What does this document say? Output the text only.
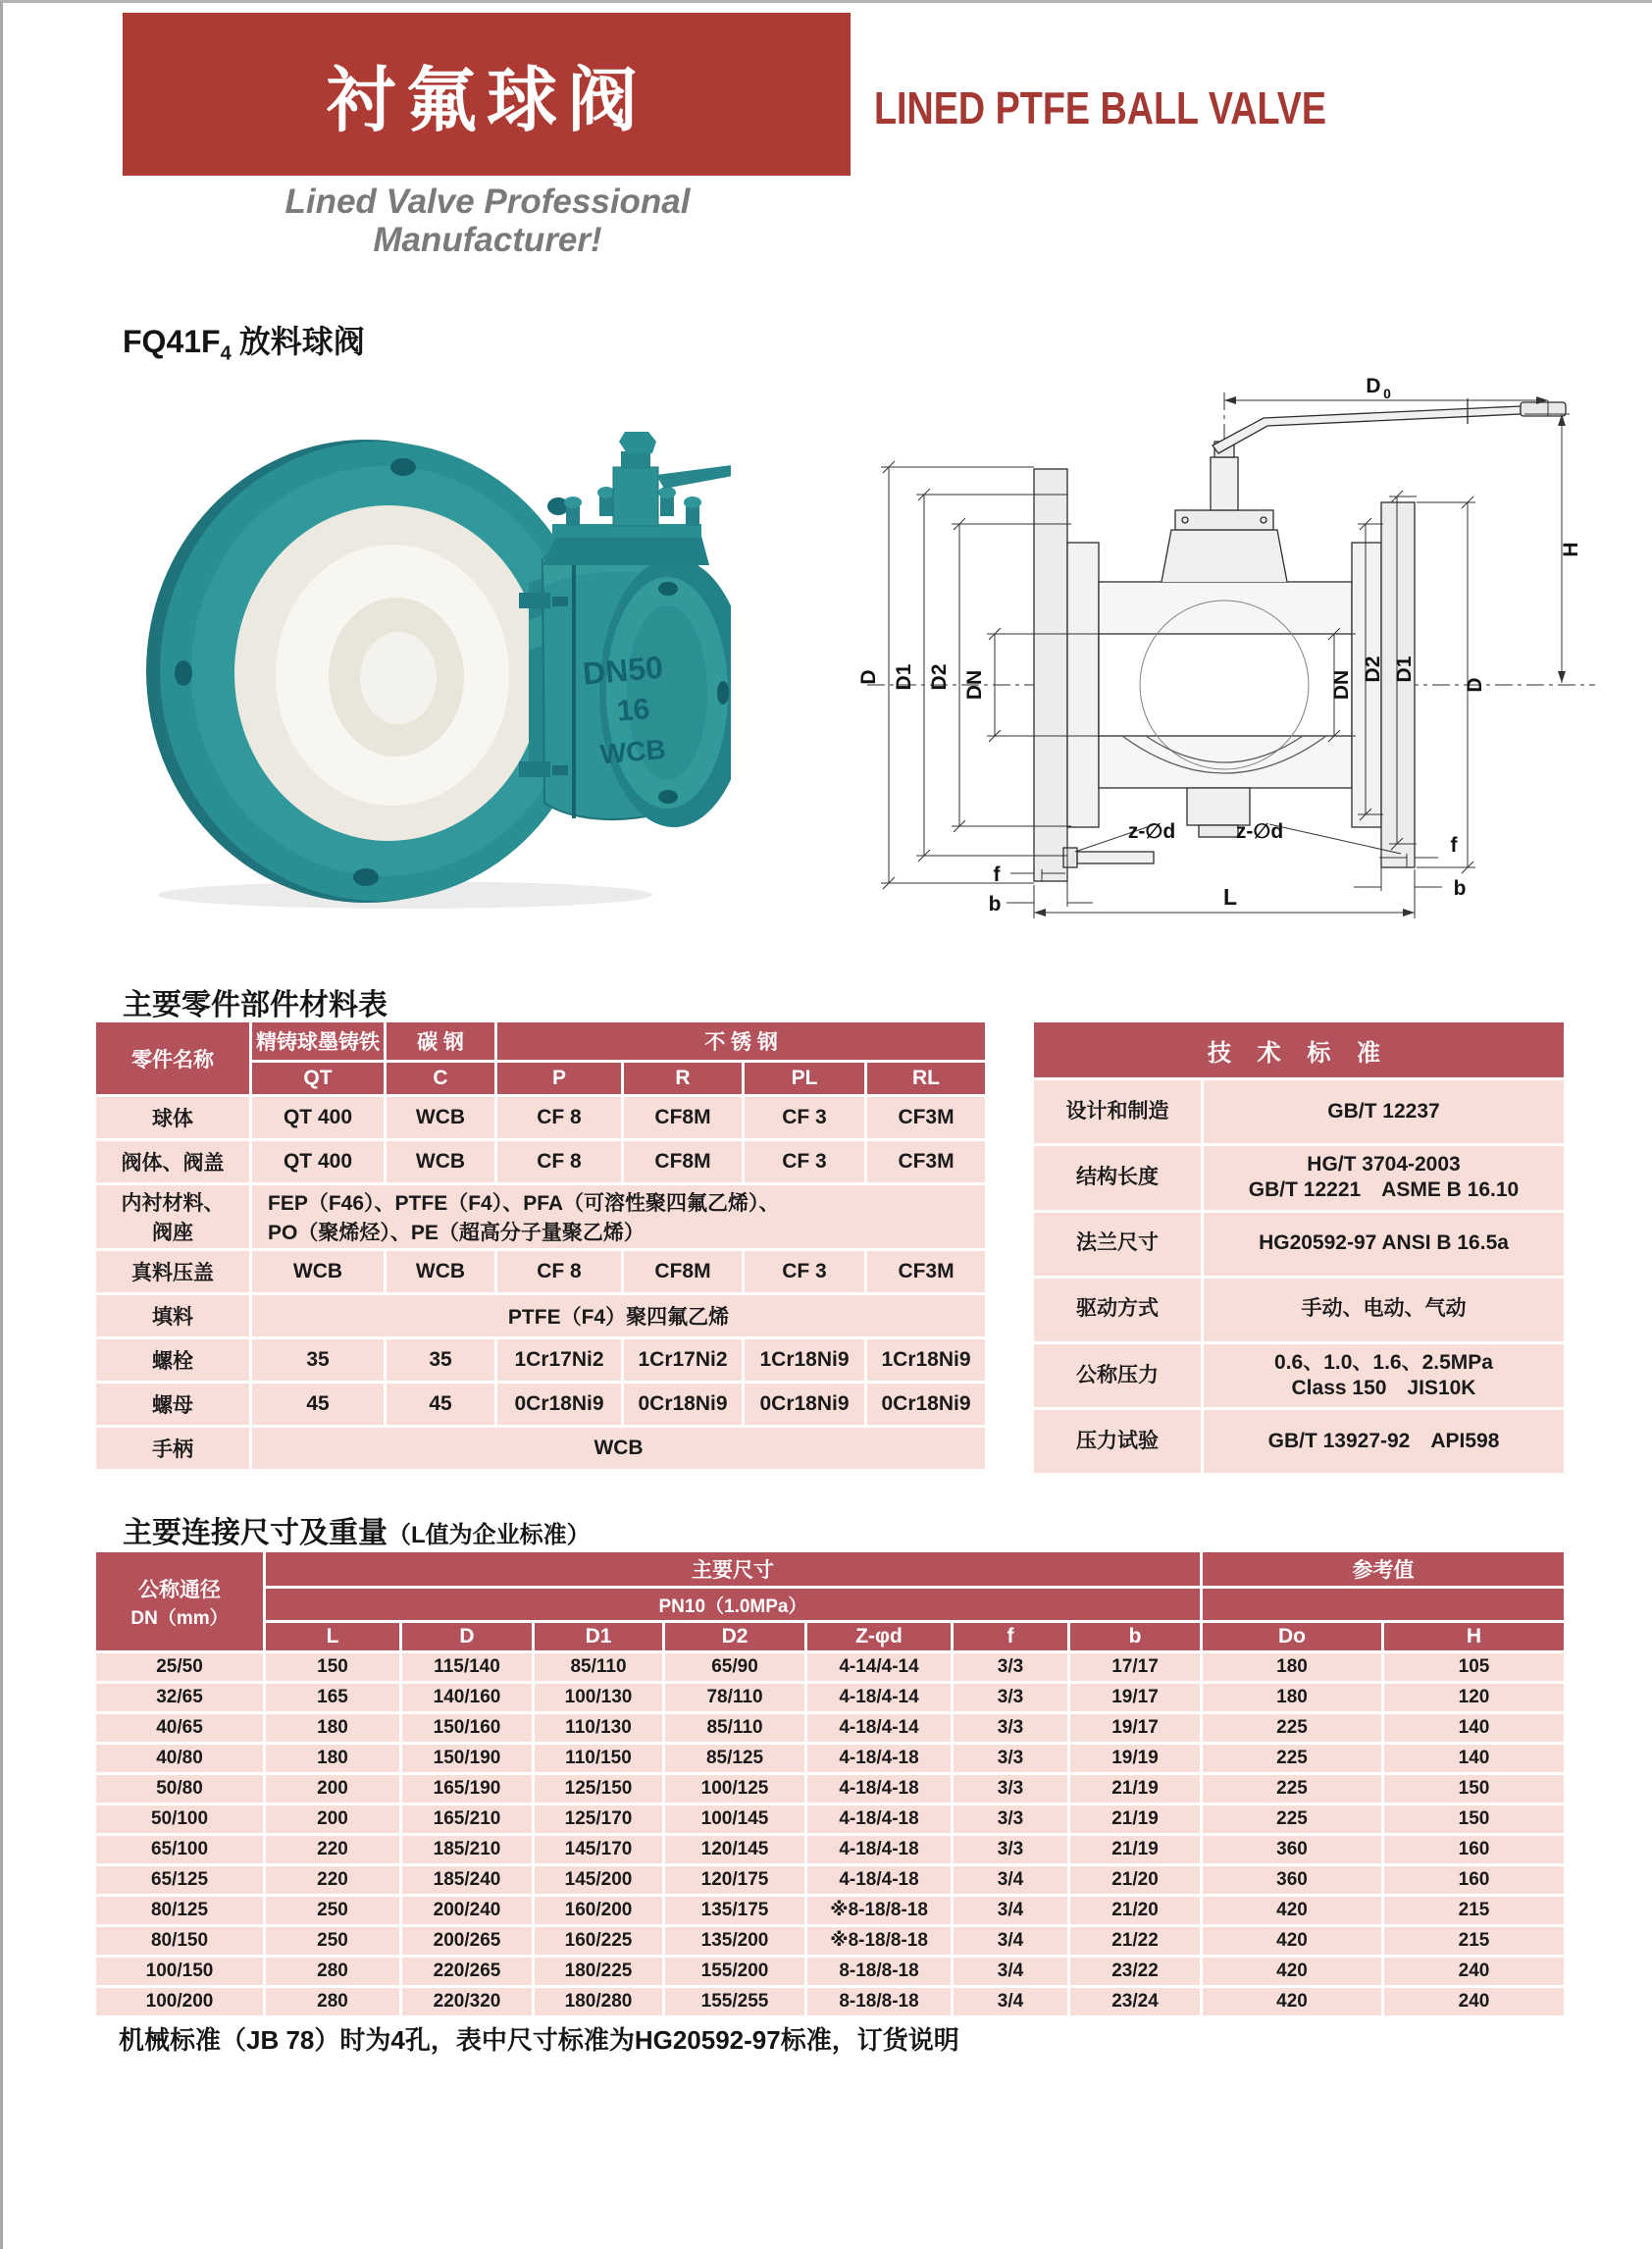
衬氟球阀
Lined Valve Professional
Manufacturer!
LINED PTFE BALL VALVE
$FQ41F_4$ 放料球阀
DN50
16
WCB
D 0
D D1 D2 DN	DN
D2 D1
D
H
z-∅d	z-∅d
f
b
f
b
L
主要零件部件材料表
零件名称	精铸球墨铸铁	碳 钢	不 锈 钢			
	QT	C	P	R	PL	RL
球体	QT 400	WCB	CF 8	CF8M	CF 3	CF3M
阀体、阀盖	QT 400	WCB	CF 8	CF8M	CF 3	CF3M
内衬材料、
阀座	FEP（F46）、PTFE（F4）、PFA（可溶性聚四氟乙烯）、
PO（聚烯烃）、PE（超高分子量聚乙烯）					
真料压盖	WCB	WCB	CF 8	CF8M	CF 3	CF3M
填料	PTFE（F4）聚四氟乙烯					
螺栓	35	35	1Cr17Ni2	1Cr17Ni2	1Cr18Ni9	1Cr18Ni9
螺母	45	45	0Cr18Ni9	0Cr18Ni9	0Cr18Ni9	0Cr18Ni9
手柄	WCB					
技 术 标 准	
设计和制造	GB/T 12237
结构长度	HG/T 3704-2003
GB/T 12221　ASME B 16.10
法兰尺寸	HG20592-97 ANSI B 16.5a
驱动方式	手动、电动、气动
公称压力	0.6、1.0、1.6、2.5MPa
Class 150　JIS10K
压力试验	GB/T 13927-92　API598
主要连接尺寸及重量（L值为企业标准）
公称通径
DN（mm）	主要尺寸							参考值	
	PN10（1.0MPa）								
	L	D	D1	D2	Z-φd	f	b	Do	H
25/50	150	115/140	85/110	65/90	4-14/4-14	3/3	17/17	180	105
32/65	165	140/160	100/130	78/110	4-18/4-14	3/3	19/17	180	120
40/65	180	150/160	110/130	85/110	4-18/4-14	3/3	19/17	225	140
40/80	180	150/190	110/150	85/125	4-18/4-18	3/3	19/19	225	140
50/80	200	165/190	125/150	100/125	4-18/4-18	3/3	21/19	225	150
50/100	200	165/210	125/170	100/145	4-18/4-18	3/3	21/19	225	150
65/100	220	185/210	145/170	120/145	4-18/4-18	3/3	21/19	360	160
65/125	220	185/240	145/200	120/175	4-18/4-18	3/4	21/20	360	160
80/125	250	200/240	160/200	135/175	※8-18/8-18	3/4	21/20	420	215
80/150	250	200/265	160/225	135/200	※8-18/8-18	3/4	21/22	420	215
100/150	280	220/265	180/225	155/200	8-18/8-18	3/4	23/22	420	240
100/200	280	220/320	180/280	155/255	8-18/8-18	3/4	23/24	420	240
机械标准（JB 78）时为4孔，表中尺寸标准为HG20592-97标准，订货说明
